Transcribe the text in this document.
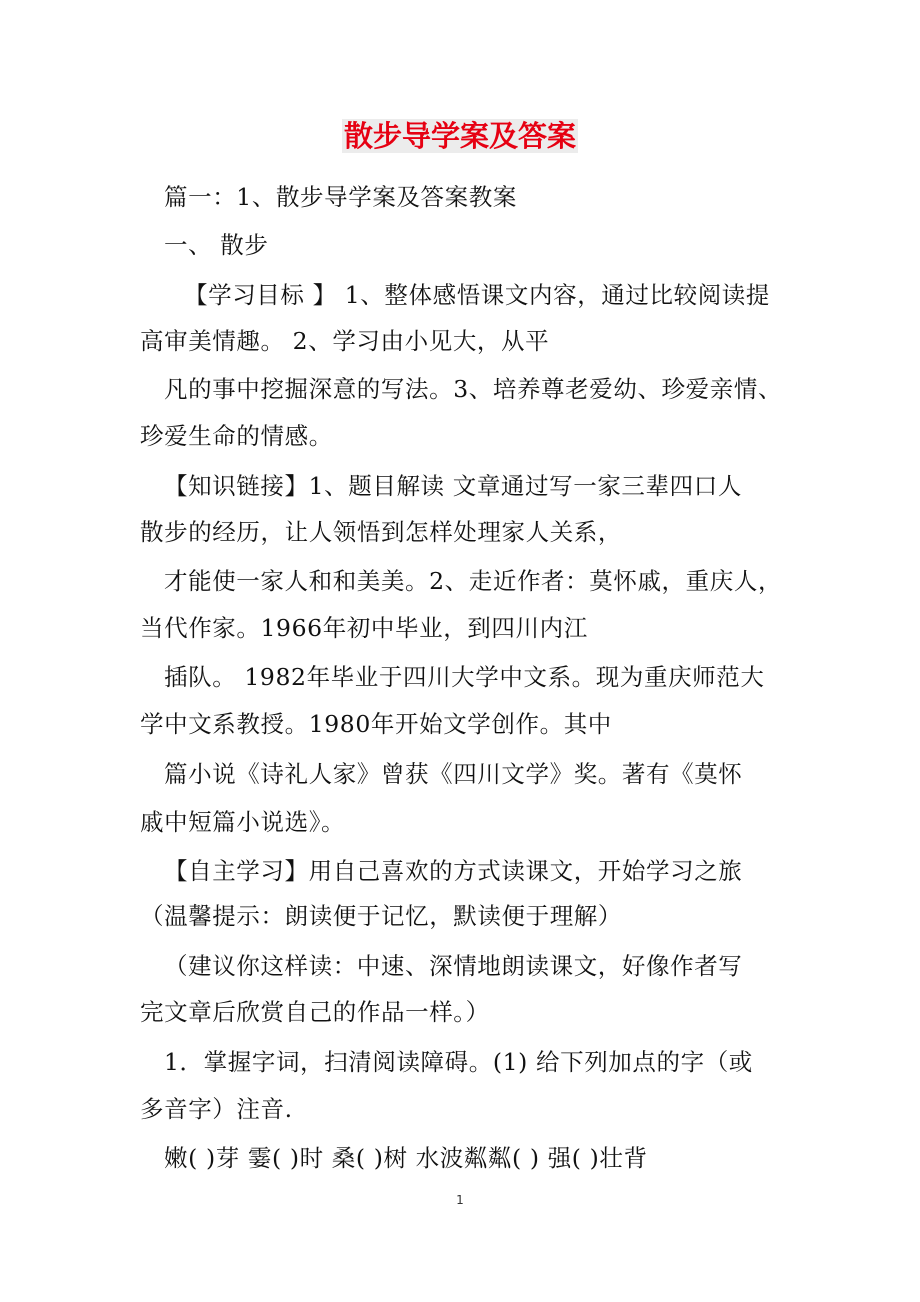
散步导学案及答案
篇一：1、散步导学案及答案教案
一、 散步
【学习目标 】 1、整体感悟课文内容，通过比较阅读提
高审美情趣。 2、学习由小见大，从平
凡的事中挖掘深意的写法。3、培养尊老爱幼、珍爱亲情、
珍爱生命的情感。
【知识链接】1、题目解读 文章通过写一家三辈四口人
散步的经历，让人领悟到怎样处理家人关系，
才能使一家人和和美美。2、走近作者：莫怀戚，重庆人，
当代作家。1966年初中毕业，到四川内江
插队。 1982年毕业于四川大学中文系。现为重庆师范大
学中文系教授。1980年开始文学创作。其中
篇小说《诗礼人家》曾获《四川文学》奖。著有《莫怀
戚中短篇小说选》。
【自主学习】用自己喜欢的方式读课文，开始学习之旅
（温馨提示：朗读便于记忆，默读便于理解）
（建议你这样读：中速、深情地朗读课文，好像作者写
完文章后欣赏自己的作品一样。）
1．掌握字词，扫清阅读障碍。(1) 给下列加点的字（或
多音字）注音.
嫩( )芽 霎( )时 桑( )树 水波粼粼( ) 强( )壮背
1
